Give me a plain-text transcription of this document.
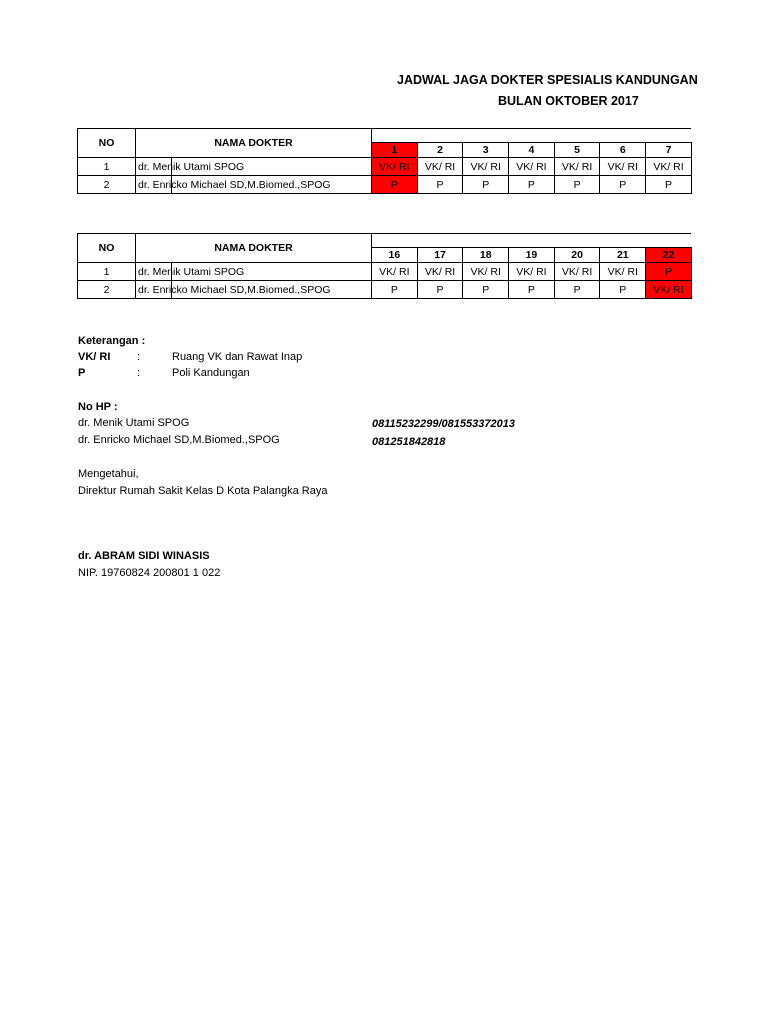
JADWAL JAGA DOKTER SPESIALIS KANDUNGAN
BULAN OKTOBER 2017
NO	NAMA DOKTER							
		1	2	3	4	5	6	7
1	dr. Menik Utami SPOG	VK/ RI	VK/ RI	VK/ RI	VK/ RI	VK/ RI	VK/ RI	VK/ RI
2	dr. Enricko Michael SD,M.Biomed.,SPOG	P	P	P	P	P	P	P
NO	NAMA DOKTER							
		16	17	18	19	20	21	22
1	dr. Menik Utami SPOG	VK/ RI	VK/ RI	VK/ RI	VK/ RI	VK/ RI	VK/ RI	P
2	dr. Enricko Michael SD,M.Biomed.,SPOG	P	P	P	P	P	P	VK/ RI
Keterangan :
VK/ RI :	Ruang VK dan Rawat Inap
P	:	Poli Kandungan
No HP :
dr. Menik Utami SPOG	08115232299/081553372013
dr. Enricko Michael SD,M.Biomed.,SPOG	081251842818
Mengetahui,
Direktur Rumah Sakit Kelas D Kota Palangka Raya
dr. ABRAM SIDI WINASIS
NIP. 19760824 200801 1 022
